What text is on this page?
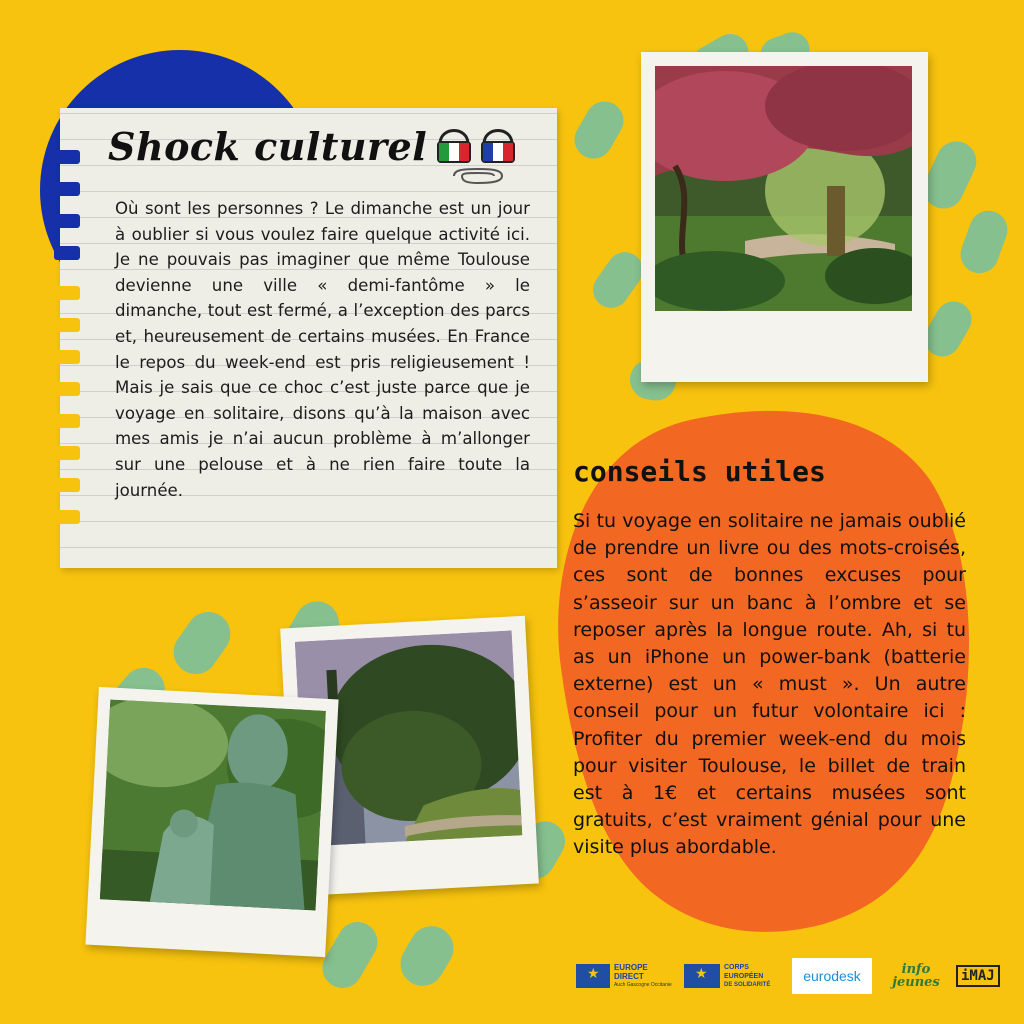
Shock culturel
Où sont les personnes ? Le dimanche est un jour à oublier si vous voulez faire quelque activité ici. Je ne pouvais pas imaginer que même Toulouse devienne une ville « demi-fantôme » le dimanche, tout est fermé, a l’exception des parcs et, heureusement de certains musées. En France le repos du week-end est pris religieusement ! Mais je sais que ce choc c’est juste parce que je voyage en solitaire, disons qu’à la maison avec mes amis je n’ai aucun problème à m’allonger sur une pelouse et à ne rien faire toute la journée.
conseils utiles
Si tu voyage en solitaire ne jamais oublié de prendre un livre ou des mots-croisés, ces sont de bonnes excuses pour s’asseoir sur un banc à l’ombre et se reposer après la longue route. Ah, si tu as un iPhone un power-bank (batterie externe) est un « must ». Un autre conseil pour un futur volontaire ici : Profiter du premier week-end du mois pour visiter Toulouse, le billet de train est à 1€ et certains musées sont gratuits, c’est vraiment génial pour une visite plus abordable.
★
EUROPE DIRECT
Auch Gascogne Occitanie
★
CORPS EUROPÉEN
DE SOLIDARITÉ
eurodesk	info
jeunes	iMAJ
